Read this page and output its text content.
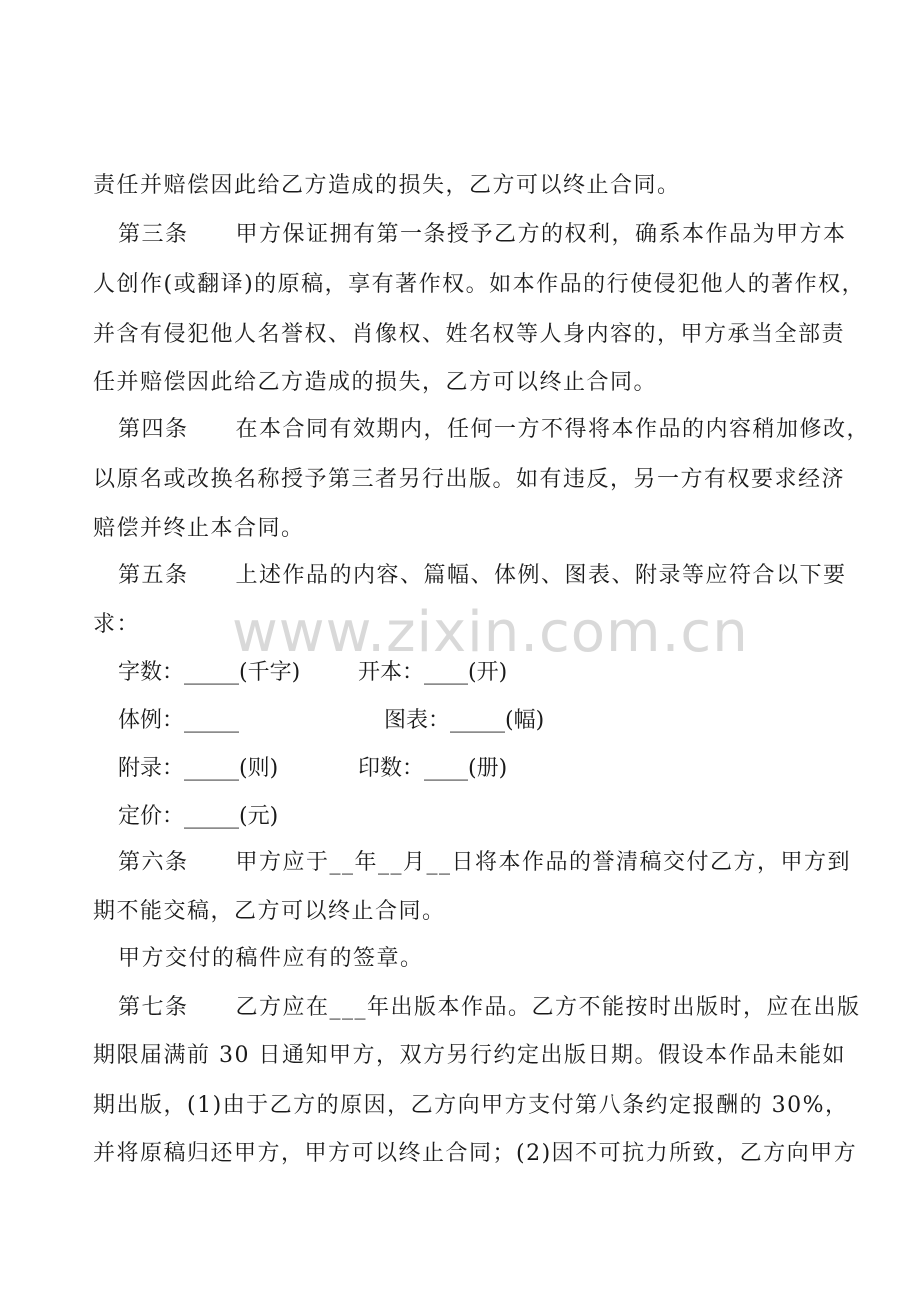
www.zixin.com.cn
责任并赔偿因此给乙方造成的损失，乙方可以终止合同。
第三条　　甲方保证拥有第一条授予乙方的权利，确系本作品为甲方本
人创作(或翻译)的原稿，享有著作权。如本作品的行使侵犯他人的著作权，
并含有侵犯他人名誉权、肖像权、姓名权等人身内容的，甲方承当全部责
任并赔偿因此给乙方造成的损失，乙方可以终止合同。
第四条　　在本合同有效期内，任何一方不得将本作品的内容稍加修改，
以原名或改换名称授予第三者另行出版。如有违反，另一方有权要求经济
赔偿并终止本合同。
第五条　　上述作品的内容、篇幅、体例、图表、附录等应符合以下要
求：
字数：_____(千字)	开本：____(开)
体例：_____	图表：_____(幅)
附录：_____(则)	印数：____(册)
定价：_____(元)
第六条　　甲方应于__年__月__日将本作品的誉清稿交付乙方，甲方到
期不能交稿，乙方可以终止合同。
甲方交付的稿件应有的签章。
第七条　　乙方应在___年出版本作品。乙方不能按时出版时，应在出版
期限届满前 30 日通知甲方，双方另行约定出版日期。假设本作品未能如
期出版，(1)由于乙方的原因，乙方向甲方支付第八条约定报酬的 30%，
并将原稿归还甲方，甲方可以终止合同；(2)因不可抗力所致，乙方向甲方
